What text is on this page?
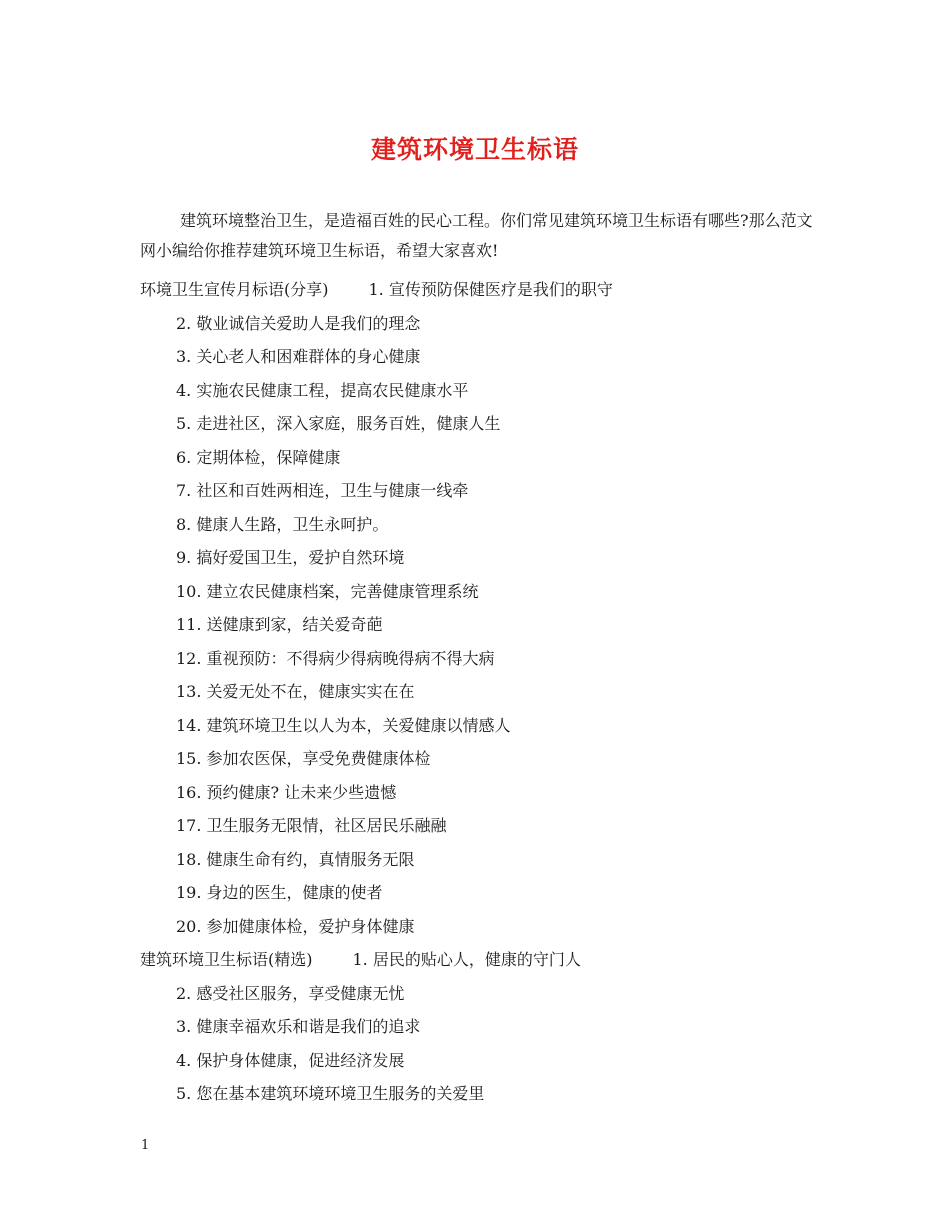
建筑环境卫生标语
建筑环境整治卫生，是造福百姓的民心工程。你们常见建筑环境卫生标语有哪些?那么范文网小编给你推荐建筑环境卫生标语，希望大家喜欢!
环境卫生宣传月标语(分享)	1. 宣传预防保健医疗是我们的职守
2. 敬业诚信关爱助人是我们的理念
3. 关心老人和困难群体的身心健康
4. 实施农民健康工程，提高农民健康水平
5. 走进社区，深入家庭，服务百姓，健康人生
6. 定期体检，保障健康
7. 社区和百姓两相连，卫生与健康一线牵
8. 健康人生路，卫生永呵护。
9. 搞好爱国卫生，爱护自然环境
10. 建立农民健康档案，完善健康管理系统
11. 送健康到家，结关爱奇葩
12. 重视预防：不得病少得病晚得病不得大病
13. 关爱无处不在，健康实实在在
14. 建筑环境卫生以人为本，关爱健康以情感人
15. 参加农医保，享受免费健康体检
16. 预约健康? 让未来少些遗憾
17. 卫生服务无限情，社区居民乐融融
18. 健康生命有约，真情服务无限
19. 身边的医生，健康的使者
20. 参加健康体检，爱护身体健康
建筑环境卫生标语(精选)	1. 居民的贴心人，健康的守门人
2. 感受社区服务，享受健康无忧
3. 健康幸福欢乐和谐是我们的追求
4. 保护身体健康，促进经济发展
5. 您在基本建筑环境环境卫生服务的关爱里
1
